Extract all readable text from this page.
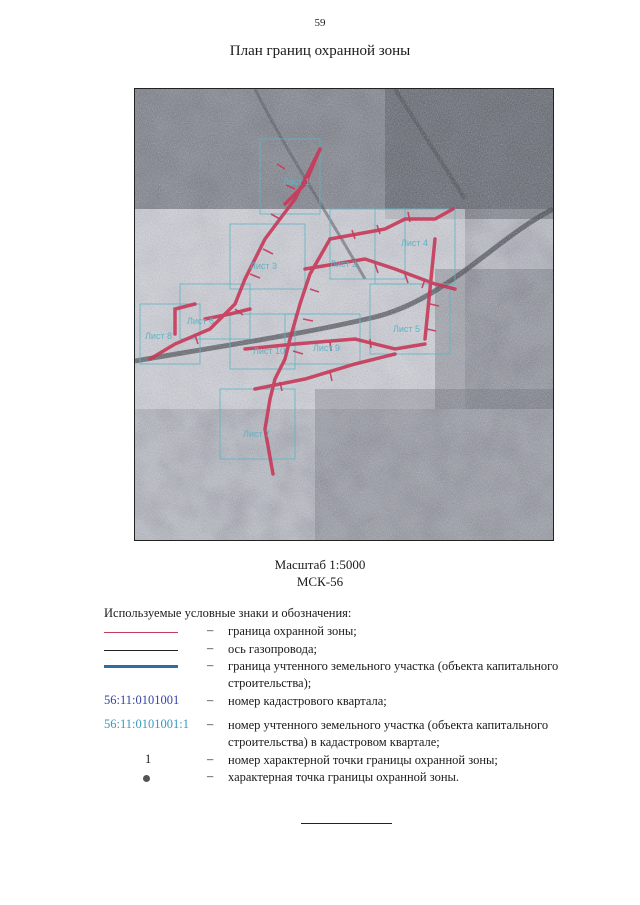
59
План границ охранной зоны
Лист 1
Лист 2
Лист 3
Лист 4
Лист 5
Лист 6
Лист 7
Лист 8
Лист 9
Лист 10
Масштаб 1:5000
МСК-56
Используемые условные знаки и обозначения:
– граница охранной зоны;
– ось газопровода;
– граница учтенного земельного участка (объекта капитального строительства);
56:11:0101001 – номер кадастрового квартала;
56:11:0101001:1 – номер учтенного земельного участка (объекта капитального строительства) в кадастровом квартале;
1	– номер характерной точки границы охранной зоны;
– характерная точка границы охранной зоны.
